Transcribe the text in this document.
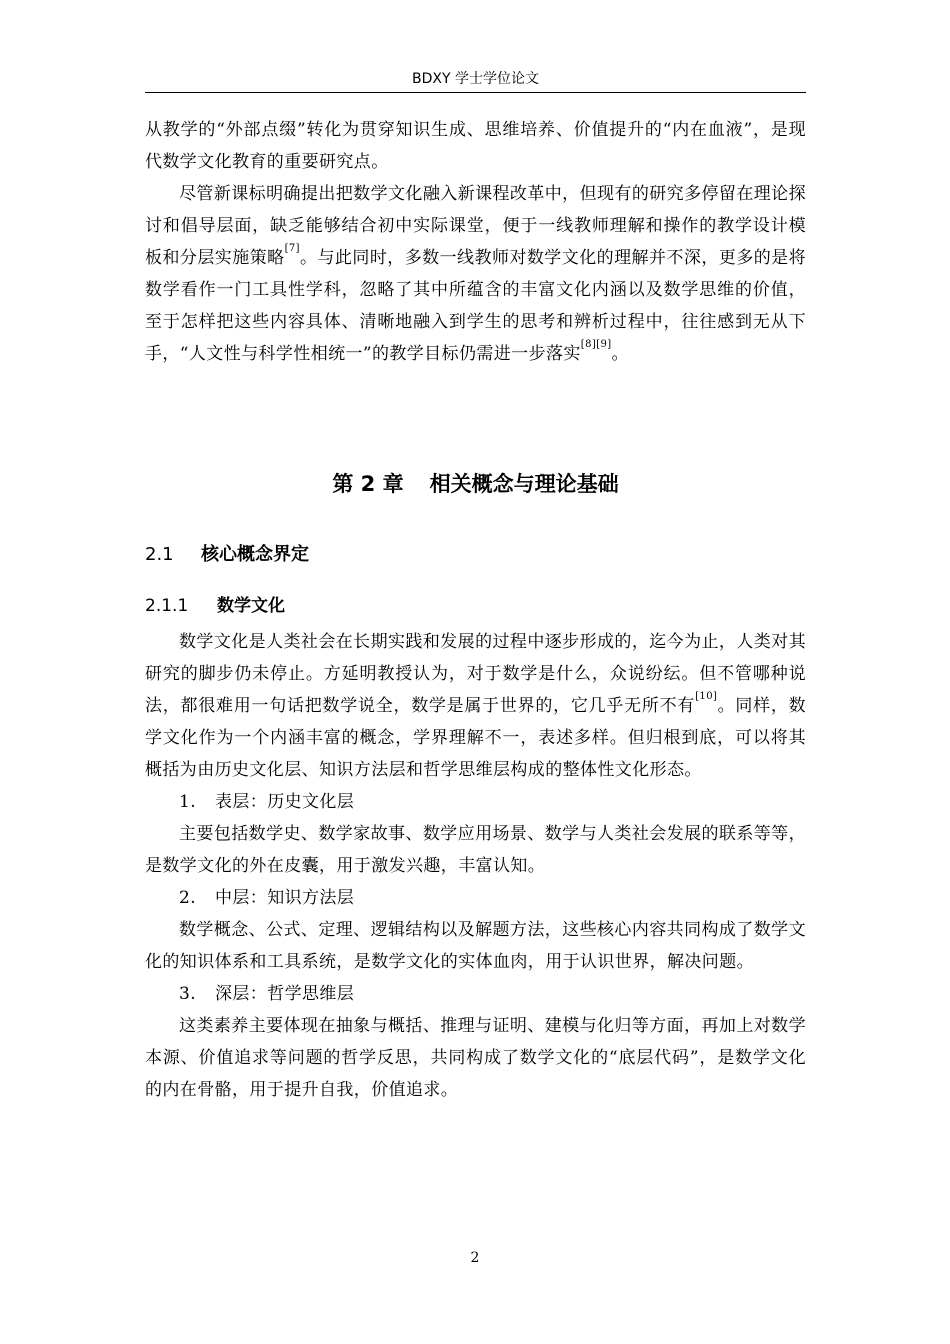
BDXY 学士学位论文

从教学的“外部点缀”转化为贯穿知识生成、思维培养、价值提升的“内在血液”，是现代数学文化教育的重要研究点。

尽管新课标明确提出把数学文化融入新课程改革中，但现有的研究多停留在理论探讨和倡导层面，缺乏能够结合初中实际课堂，便于一线教师理解和操作的教学设计模板和分层实施策略[7]。与此同时，多数一线教师对数学文化的理解并不深，更多的是将数学看作一门工具性学科，忽略了其中所蕴含的丰富文化内涵以及数学思维的价值，至于怎样把这些内容具体、清晰地融入到学生的思考和辨析过程中，往往感到无从下手，“人文性与科学性相统一”的教学目标仍需进一步落实[8][9]。

第 2 章 相关概念与理论基础
2.1 核心概念界定
2.1.1 数学文化

数学文化是人类社会在长期实践和发展的过程中逐步形成的，迄今为止，人类对其研究的脚步仍未停止。方延明教授认为，对于数学是什么，众说纷纭。但不管哪种说法，都很难用一句话把数学说全，数学是属于世界的，它几乎无所不有[10]。同样，数学文化作为一个内涵丰富的概念，学界理解不一，表述多样。但归根到底，可以将其概括为由历史文化层、知识方法层和哲学思维层构成的整体性文化形态。

1. 表层：历史文化层

主要包括数学史、数学家故事、数学应用场景、数学与人类社会发展的联系等等，是数学文化的外在皮囊，用于激发兴趣，丰富认知。

2. 中层：知识方法层

数学概念、公式、定理、逻辑结构以及解题方法，这些核心内容共同构成了数学文化的知识体系和工具系统，是数学文化的实体血肉，用于认识世界，解决问题。

3. 深层：哲学思维层

这类素养主要体现在抽象与概括、推理与证明、建模与化归等方面，再加上对数学本源、价值追求等问题的哲学反思，共同构成了数学文化的“底层代码”，是数学文化的内在骨骼，用于提升自我，价值追求。

2
